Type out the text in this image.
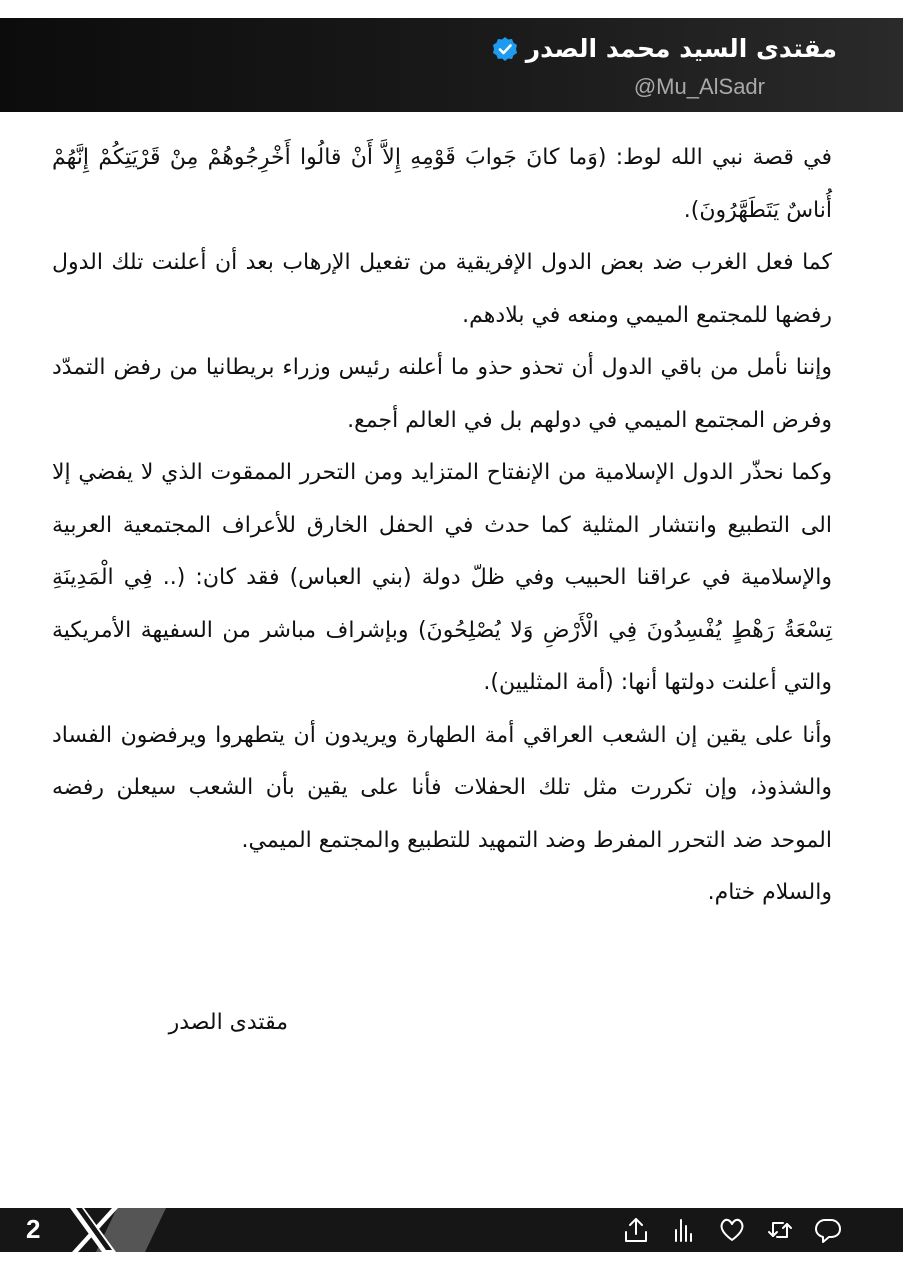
مقتدى السيد محمد الصدر
@Mu_AlSadr

في قصة نبي الله لوط: (وَما كانَ جَوابَ قَوْمِهِ إِلاَّ أَنْ قالُوا أَخْرِجُوهُمْ مِنْ قَرْيَتِكُمْ إِنَّهُمْ أُناسٌ يَتَطَهَّرُونَ).

كما فعل الغرب ضد بعض الدول الإفريقية من تفعيل الإرهاب بعد أن أعلنت تلك الدول رفضها للمجتمع الميمي ومنعه في بلادهم.

وإننا نأمل من باقي الدول أن تحذو حذو ما أعلنه رئيس وزراء بريطانيا من رفض التمدّد وفرض المجتمع الميمي في دولهم بل في العالم أجمع.

وكما نحذّر الدول الإسلامية من الإنفتاح المتزايد ومن التحرر الممقوت الذي لا يفضي إلا الى التطبيع وانتشار المثلية كما حدث في الحفل الخارق للأعراف المجتمعية العربية والإسلامية في عراقنا الحبيب وفي ظلّ دولة (بني العباس) فقد كان: (.. فِي الْمَدِينَةِ تِسْعَةُ رَهْطٍ يُفْسِدُونَ فِي الْأَرْضِ وَلا يُصْلِحُونَ) وبإشراف مباشر من السفيهة الأمريكية والتي أعلنت دولتها أنها: (أمة المثليين).

وأنا على يقين إن الشعب العراقي أمة الطهارة ويريدون أن يتطهروا ويرفضون الفساد والشذوذ، وإن تكررت مثل تلك الحفلات فأنا على يقين بأن الشعب سيعلن رفضه الموحد ضد التحرر المفرط وضد التمهيد للتطبيع والمجتمع الميمي.

والسلام ختام.

مقتدى الصدر
2
